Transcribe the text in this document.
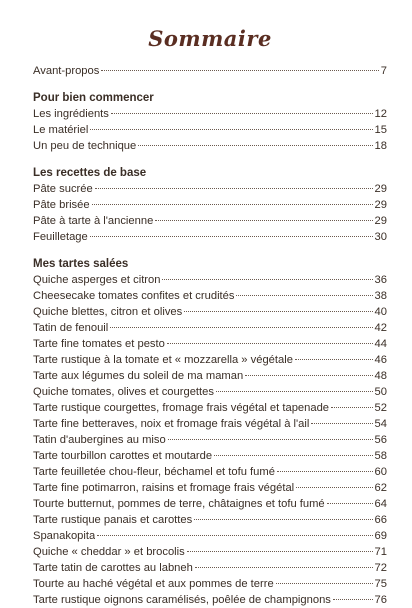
Sommaire
Avant-propos	7
Pour bien commencer
Les ingrédients	12
Le matériel	15
Un peu de technique	18
Les recettes de base
Pâte sucrée	29
Pâte brisée	29
Pâte à tarte à l'ancienne	29
Feuilletage	30
Mes tartes salées
Quiche asperges et citron	36
Cheesecake tomates confites et crudités	38
Quiche blettes, citron et olives	40
Tatin de fenouil	42
Tarte fine tomates et pesto	44
Tarte rustique à la tomate et « mozzarella » végétale	46
Tarte aux légumes du soleil de ma maman	48
Quiche tomates, olives et courgettes	50
Tarte rustique courgettes, fromage frais végétal et tapenade	52
Tarte fine betteraves, noix et fromage frais végétal à l'ail	54
Tatin d'aubergines au miso	56
Tarte tourbillon carottes et moutarde	58
Tarte feuilletée chou-fleur, béchamel et tofu fumé	60
Tarte fine potimarron, raisins et fromage frais végétal	62
Tourte butternut, pommes de terre, châtaignes et tofu fumé	64
Tarte rustique panais et carottes	66
Spanakopita	69
Quiche « cheddar » et brocolis	71
Tarte tatin de carottes au labneh	72
Tourte au haché végétal et aux pommes de terre	75
Tarte rustique oignons caramélisés, poêlée de champignons	76
